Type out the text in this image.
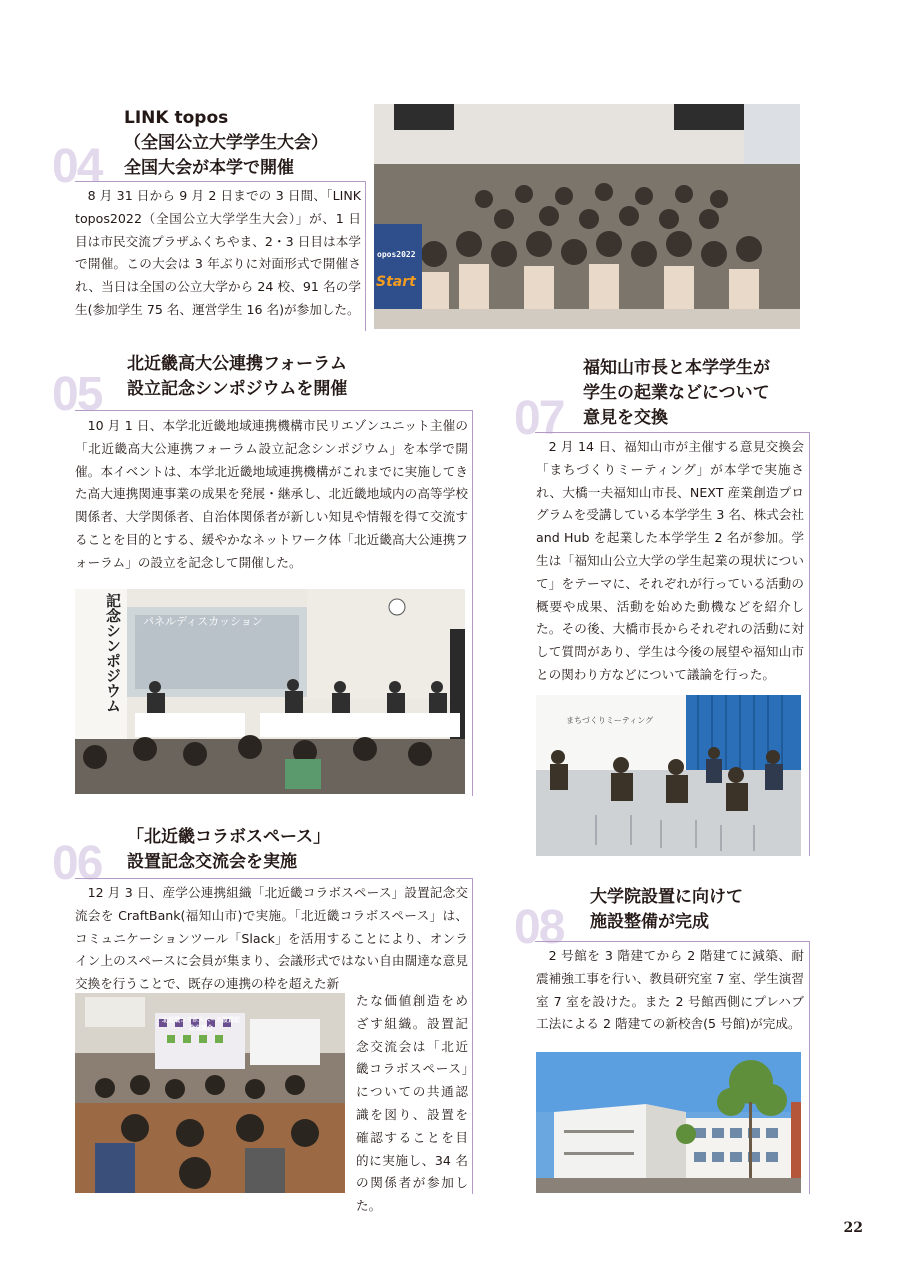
04
LINK topos
（全国公立大学学生大会）
全国大会が本学で開催
8 月 31 日から 9 月 2 日までの 3 日間、「LINK topos2022（全国公立大学学生大会）」が、1 日目は市民交流プラザふくちやま、2・3 日目は本学で開催。この大会は 3 年ぶりに対面形式で開催され、当日は全国の公立大学から 24 校、91 名の学生(参加学生 75 名、運営学生 16 名)が参加した。
opos2022
Start
05
北近畿高大公連携フォーラム
設立記念シンポジウムを開催
10 月 1 日、本学北近畿地域連携機構市民リエゾンユニット主催の「北近畿高大公連携フォーラム設立記念シンポジウム」を本学で開催。本イベントは、本学北近畿地域連携機構がこれまでに実施してきた高大連携関連事業の成果を発展・継承し、北近畿地域内の高等学校関係者、大学関係者、自治体関係者が新しい知見や情報を得て交流することを目的とする、緩やかなネットワーク体「北近畿高大公連携フォーラム」の設立を記念して開催した。
記念シンポジウム パネルディスカッション
06 「北近畿コラボスペース」
設置記念交流会を実施
12 月 3 日、産学公連携組織「北近畿コラボスペース」設置記念交流会を CraftBank(福知山市)で実施。「北近畿コラボスペース」は、コミュニケーションツール「Slack」を活用することにより、オンライン上のスペースに会員が集まり、会議形式ではない自由闊達な意見交換を行うことで、既存の連携の枠を超えた新
たな価値創造をめざす組織。設置記念交流会は「北近畿コラボスペース」についての共通認識を図り、設置を確認することを目的に実施し、34 名の関係者が参加した。
北近畿コラボスペース設置記念交流会
07
福知山市長と本学学生が
学生の起業などについて
意見を交換
2 月 14 日、福知山市が主催する意見交換会「まちづくりミーティング」が本学で実施され、大橋一夫福知山市長、NEXT 産業創造プログラムを受講している本学学生 3 名、株式会社 and Hub を起業した本学学生 2 名が参加。学生は「福知山公立大学の学生起業の現状について」をテーマに、それぞれが行っている活動の概要や成果、活動を始めた動機などを紹介した。その後、大橋市長からそれぞれの活動に対して質問があり、学生は今後の展望や福知山市との関わり方などについて議論を行った。
まちづくりミーティング
08
大学院設置に向けて
施設整備が完成
2 号館を 3 階建てから 2 階建てに減築、耐震補強工事を行い、教員研究室 7 室、学生演習室 7 室を設けた。また 2 号館西側にプレハブ工法による 2 階建ての新校舎(5 号館)が完成。
22
